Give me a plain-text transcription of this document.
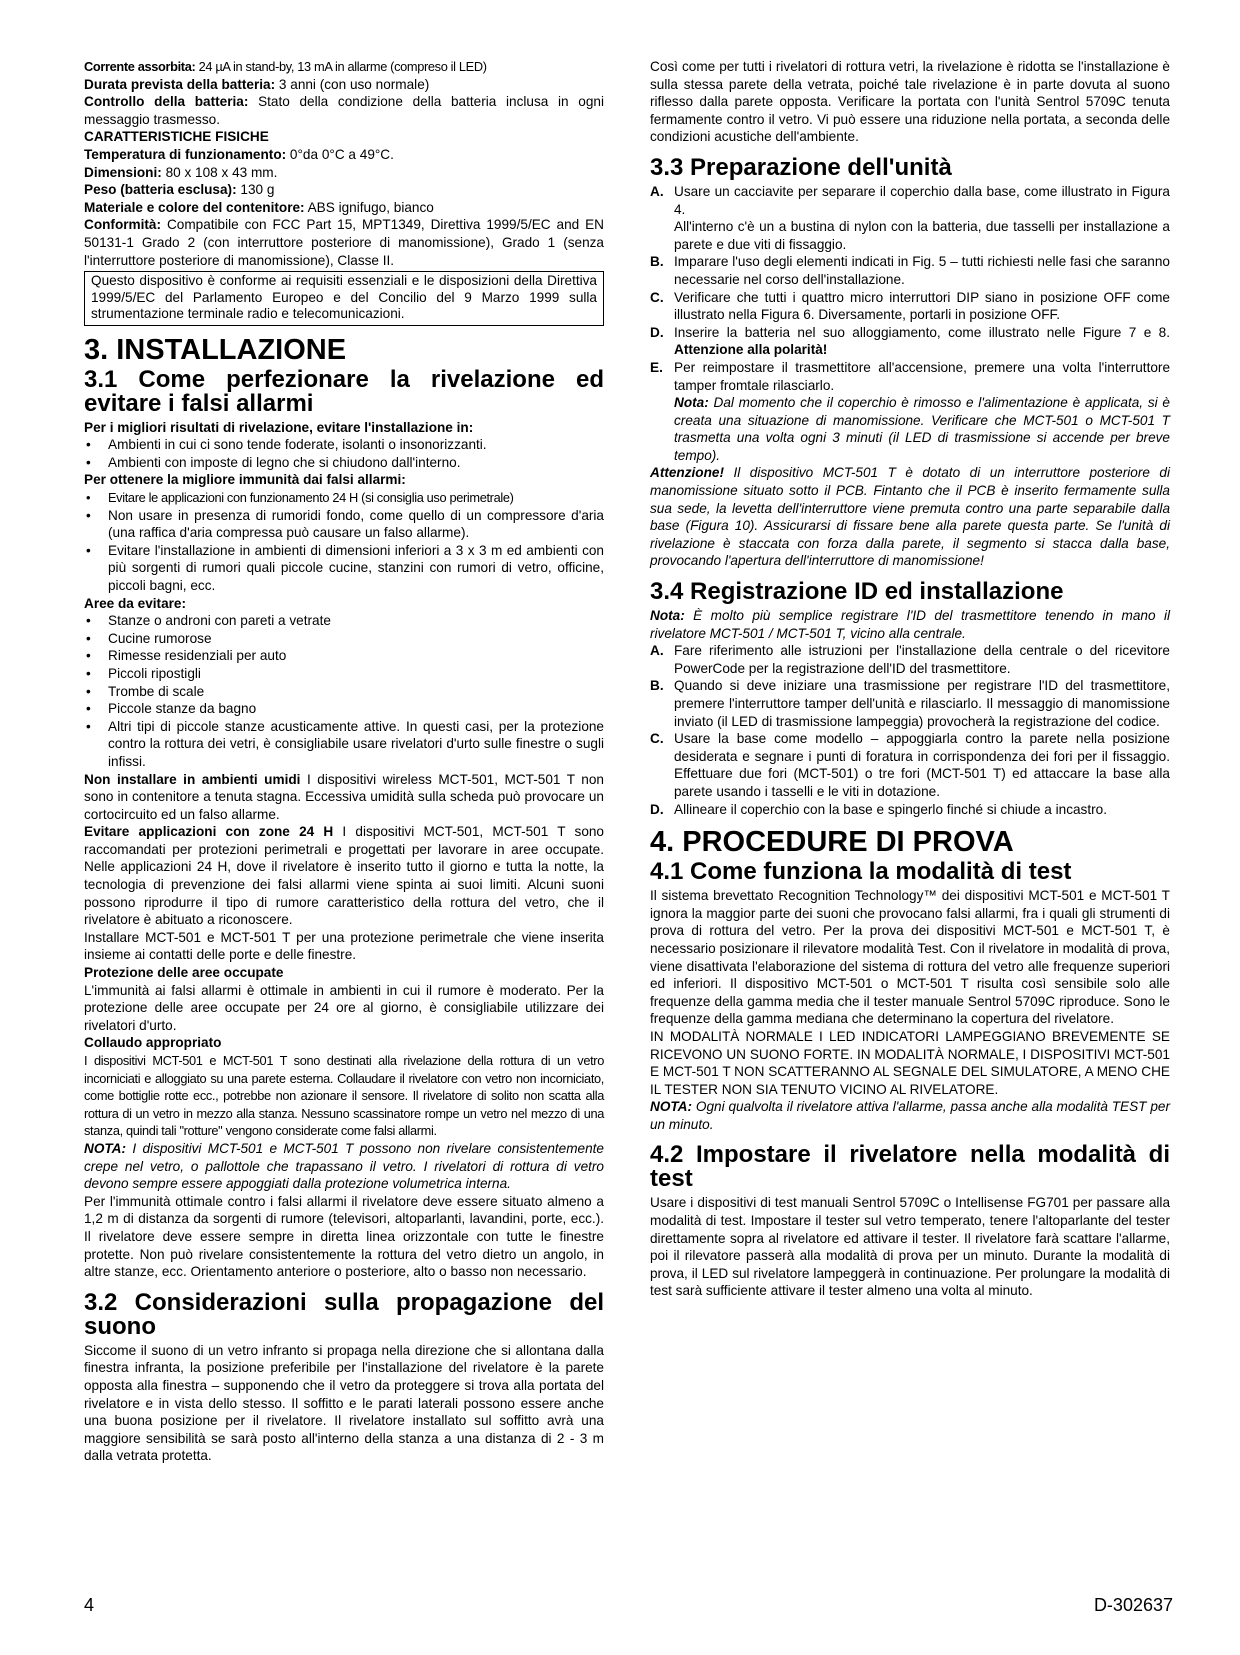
Corrente assorbita: 24 µA in stand-by, 13 mA in allarme (compreso il LED)

Durata prevista della batteria: 3 anni (con uso normale)

Controllo della batteria: Stato della condizione della batteria inclusa in ogni messaggio trasmesso.

CARATTERISTICHE FISICHE

Temperatura di funzionamento: 0°da 0°C a 49°C.

Dimensioni: 80 x 108 x 43 mm.

Peso (batteria esclusa): 130 g

Materiale e colore del contenitore: ABS ignifugo, bianco

Conformità: Compatibile con FCC Part 15, MPT1349, Direttiva 1999/5/EC and EN 50131-1 Grado 2 (con interruttore posteriore di manomissione), Grado 1 (senza l'interruttore posteriore di manomissione), Classe II.

Questo dispositivo è conforme ai requisiti essenziali e le disposizioni della Direttiva 1999/5/EC del Parlamento Europeo e del Concilio del 9 Marzo 1999 sulla strumentazione terminale radio e telecomunicazioni.

3. INSTALLAZIONE
3.1 Come perfezionare la rivelazione ed evitare i falsi allarmi

Per i migliori risultati di rivelazione, evitare l'installazione in:

• Ambienti in cui ci sono tende foderate, isolanti o insonorizzanti.
• Ambienti con imposte di legno che si chiudono dall'interno.

Per ottenere la migliore immunità dai falsi allarmi:

• Evitare le applicazioni con funzionamento 24 H (si consiglia uso perimetrale)
• Non usare in presenza di rumoridi fondo, come quello di un compressore d'aria (una raffica d'aria compressa può causare un falso allarme).
• Evitare l'installazione in ambienti di dimensioni inferiori a 3 x 3 m ed ambienti con più sorgenti di rumori quali piccole cucine, stanzini con rumori di vetro, officine, piccoli bagni, ecc.

Aree da evitare:

• Stanze o androni con pareti a vetrate
• Cucine rumorose
• Rimesse residenziali per auto
• Piccoli ripostigli
• Trombe di scale
• Piccole stanze da bagno
• Altri tipi di piccole stanze acusticamente attive. In questi casi, per la protezione contro la rottura dei vetri, è consigliabile usare rivelatori d'urto sulle finestre o sugli infissi.

Non installare in ambienti umidi I dispositivi wireless MCT-501, MCT-501 T non sono in contenitore a tenuta stagna. Eccessiva umidità sulla scheda può provocare un cortocircuito ed un falso allarme.

Evitare applicazioni con zone 24 H I dispositivi MCT-501, MCT-501 T sono raccomandati per protezioni perimetrali e progettati per lavorare in aree occupate. Nelle applicazioni 24 H, dove il rivelatore è inserito tutto il giorno e tutta la notte, la tecnologia di prevenzione dei falsi allarmi viene spinta ai suoi limiti. Alcuni suoni possono riprodurre il tipo di rumore caratteristico della rottura del vetro, che il rivelatore è abituato a riconoscere.

Installare MCT-501 e MCT-501 T per una protezione perimetrale che viene inserita insieme ai contatti delle porte e delle finestre.

Protezione delle aree occupate

L'immunità ai falsi allarmi è ottimale in ambienti in cui il rumore è moderato. Per la protezione delle aree occupate per 24 ore al giorno, è consigliabile utilizzare dei rivelatori d'urto.

Collaudo appropriato

I dispositivi MCT-501 e MCT-501 T sono destinati alla rivelazione della rottura di un vetro incorniciati e alloggiato su una parete esterna. Collaudare il rivelatore con vetro non incorniciato, come bottiglie rotte ecc., potrebbe non azionare il sensore. Il rivelatore di solito non scatta alla rottura di un vetro in mezzo alla stanza. Nessuno scassinatore rompe un vetro nel mezzo di una stanza, quindi tali "rotture" vengono considerate come falsi allarmi.

NOTA: I dispositivi MCT-501 e MCT-501 T possono non rivelare consistentemente crepe nel vetro, o pallottole che trapassano il vetro. I rivelatori di rottura di vetro devono sempre essere appoggiati dalla protezione volumetrica interna.

Per l'immunità ottimale contro i falsi allarmi il rivelatore deve essere situato almeno a 1,2 m di distanza da sorgenti di rumore (televisori, altoparlanti, lavandini, porte, ecc.). Il rivelatore deve essere sempre in diretta linea orizzontale con tutte le finestre protette. Non può rivelare consistentemente la rottura del vetro dietro un angolo, in altre stanze, ecc. Orientamento anteriore o posteriore, alto o basso non necessario.

3.2 Considerazioni sulla propagazione del suono

Siccome il suono di un vetro infranto si propaga nella direzione che si allontana dalla finestra infranta, la posizione preferibile per l'installazione del rivelatore è la parete opposta alla finestra – supponendo che il vetro da proteggere si trova alla portata del rivelatore e in vista dello stesso. Il soffitto e le parati laterali possono essere anche una buona posizione per il rivelatore. Il rivelatore installato sul soffitto avrà una maggiore sensibilità se sarà posto all'interno della stanza a una distanza di 2 - 3 m dalla vetrata protetta.

Così come per tutti i rivelatori di rottura vetri, la rivelazione è ridotta se l'installazione è sulla stessa parete della vetrata, poiché tale rivelazione è in parte dovuta al suono riflesso dalla parete opposta. Verificare la portata con l'unità Sentrol 5709C tenuta fermamente contro il vetro. Vi può essere una riduzione nella portata, a seconda delle condizioni acustiche dell'ambiente.

3.3 Preparazione dell'unità
A. Usare un cacciavite per separare il coperchio dalla base, come illustrato in Figura 4.
All'interno c'è un a bustina di nylon con la batteria, due tasselli per installazione a parete e due viti di fissaggio.
B. Imparare l'uso degli elementi indicati in Fig. 5 – tutti richiesti nelle fasi che saranno necessarie nel corso dell'installazione.
C. Verificare che tutti i quattro micro interruttori DIP siano in posizione OFF come illustrato nella Figura 6. Diversamente, portarli in posizione OFF.
D. Inserire la batteria nel suo alloggiamento, come illustrato nelle Figure 7 e 8. Attenzione alla polarità!
E. Per reimpostare il trasmettitore all'accensione, premere una volta l'interruttore tamper fromtale rilasciarlo.
Nota: Dal momento che il coperchio è rimosso e l'alimentazione è applicata, si è creata una situazione di manomissione. Verificare che MCT-501 o MCT-501 T trasmetta una volta ogni 3 minuti (il LED di trasmissione si accende per breve tempo).

Attenzione! Il dispositivo MCT-501 T è dotato di un interruttore posteriore di manomissione situato sotto il PCB. Fintanto che il PCB è inserito fermamente sulla sua sede, la levetta dell'interruttore viene premuta contro una parte separabile dalla base (Figura 10). Assicurarsi di fissare bene alla parete questa parte. Se l'unità di rivelazione è staccata con forza dalla parete, il segmento si stacca dalla base, provocando l'apertura dell'interruttore di manomissione!

3.4 Registrazione ID ed installazione

Nota: È molto più semplice registrare l'ID del trasmettitore tenendo in mano il rivelatore MCT-501 / MCT-501 T, vicino alla centrale.

A. Fare riferimento alle istruzioni per l'installazione della centrale o del ricevitore PowerCode per la registrazione dell'ID del trasmettitore.
B. Quando si deve iniziare una trasmissione per registrare l'ID del trasmettitore, premere l'interruttore tamper dell'unità e rilasciarlo. Il messaggio di manomissione inviato (il LED di trasmissione lampeggia) provocherà la registrazione del codice.
C. Usare la base come modello – appoggiarla contro la parete nella posizione desiderata e segnare i punti di foratura in corrispondenza dei fori per il fissaggio. Effettuare due fori (MCT-501) o tre fori (MCT-501 T) ed attaccare la base alla parete usando i tasselli e le viti in dotazione.
D. Allineare il coperchio con la base e spingerlo finché si chiude a incastro.
4. PROCEDURE DI PROVA
4.1 Come funziona la modalità di test

Il sistema brevettato Recognition Technology™ dei dispositivi MCT-501 e MCT-501 T ignora la maggior parte dei suoni che provocano falsi allarmi, fra i quali gli strumenti di prova di rottura del vetro. Per la prova dei dispositivi MCT-501 e MCT-501 T, è necessario posizionare il rilevatore modalità Test. Con il rivelatore in modalità di prova, viene disattivata l'elaborazione del sistema di rottura del vetro alle frequenze superiori ed inferiori. Il dispositivo MCT-501 o MCT-501 T risulta così sensibile solo alle frequenze della gamma media che il tester manuale Sentrol 5709C riproduce. Sono le frequenze della gamma mediana che determinano la copertura del rivelatore.

IN MODALITÀ NORMALE I LED INDICATORI LAMPEGGIANO BREVEMENTE SE RICEVONO UN SUONO FORTE. IN MODALITÀ NORMALE, I DISPOSITIVI MCT-501 E MCT-501 T NON SCATTERANNO AL SEGNALE DEL SIMULATORE, A MENO CHE IL TESTER NON SIA TENUTO VICINO AL RIVELATORE.

NOTA: Ogni qualvolta il rivelatore attiva l'allarme, passa anche alla modalità TEST per un minuto.

4.2 Impostare il rivelatore nella modalità di test

Usare i dispositivi di test manuali Sentrol 5709C o Intellisense FG701 per passare alla modalità di test. Impostare il tester sul vetro temperato, tenere l'altoparlante del tester direttamente sopra al rivelatore ed attivare il tester. Il rivelatore farà scattare l'allarme, poi il rilevatore passerà alla modalità di prova per un minuto. Durante la modalità di prova, il LED sul rivelatore lampeggerà in continuazione. Per prolungare la modalità di test sarà sufficiente attivare il tester almeno una volta al minuto.

4	D-302637
